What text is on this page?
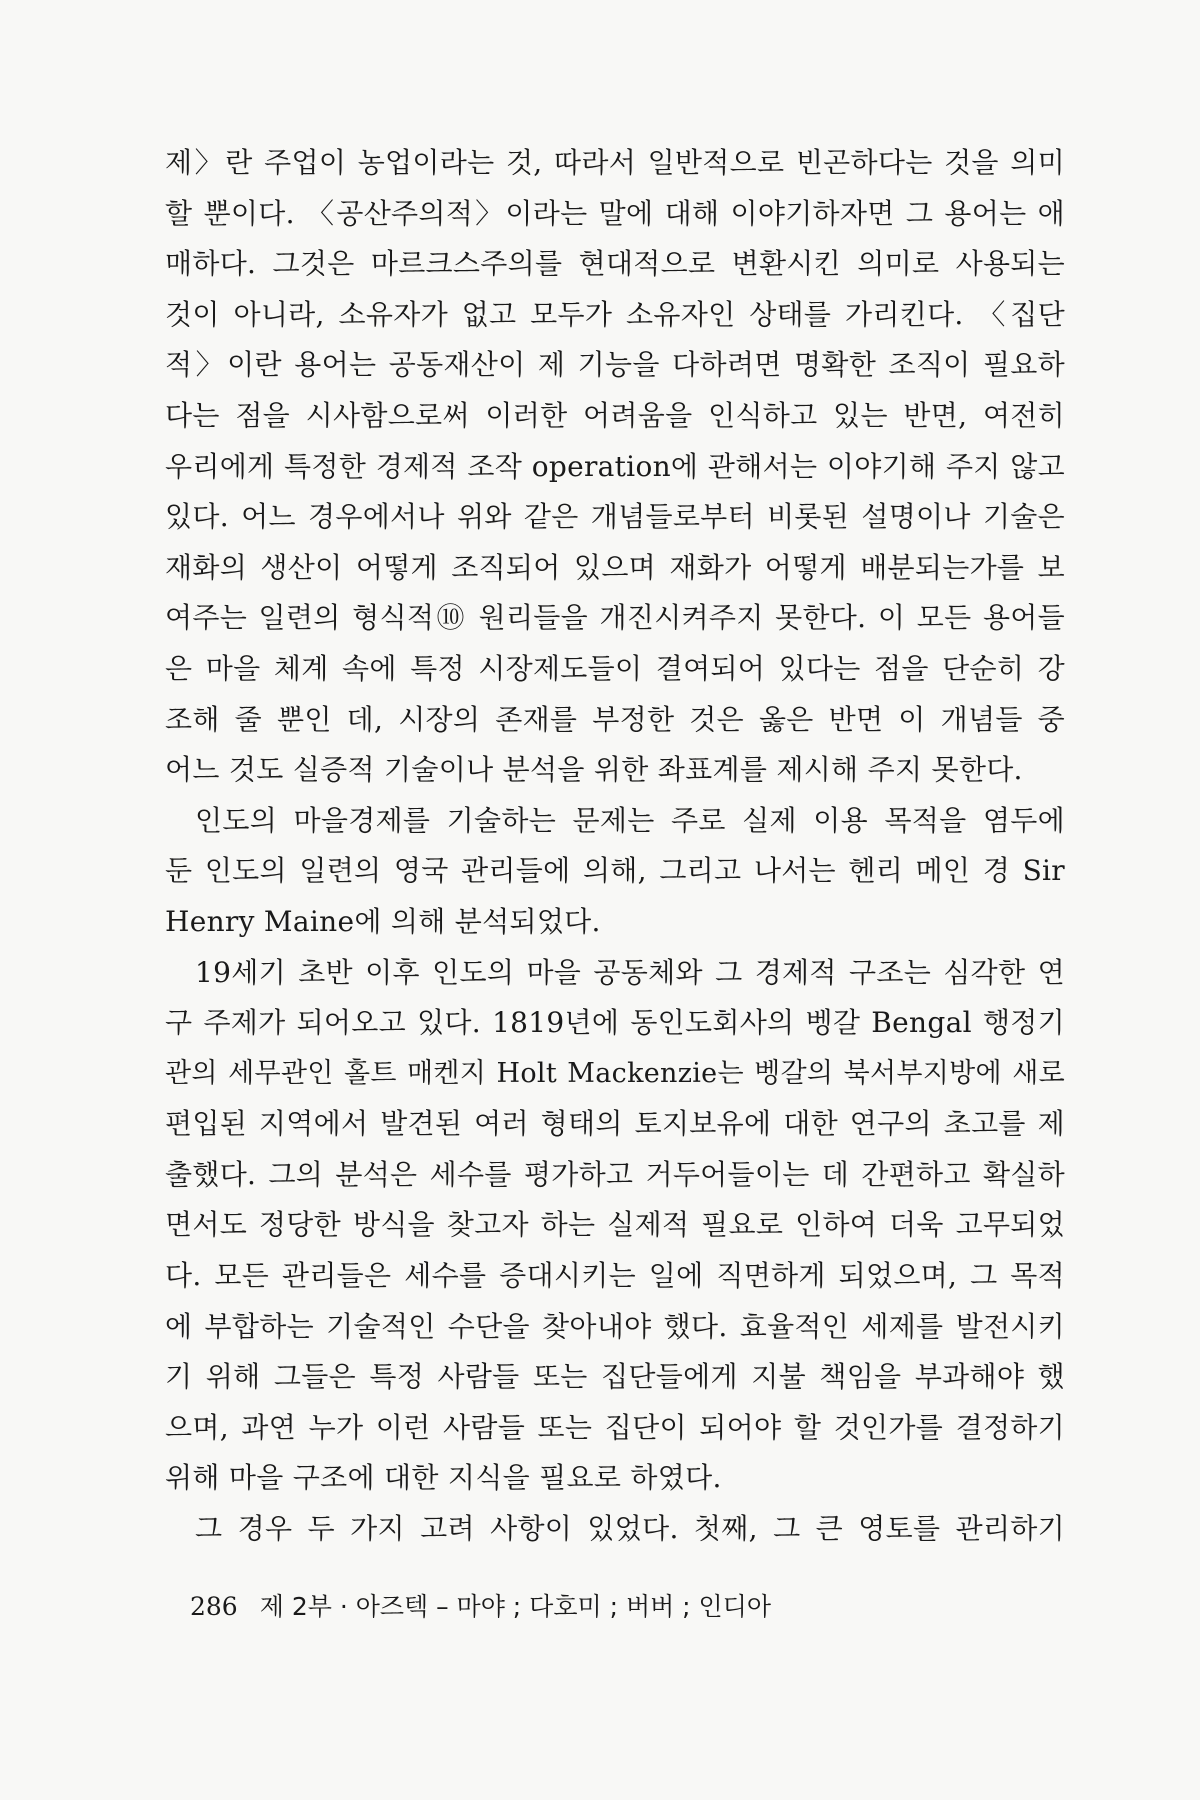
제〉란 주업이 농업이라는 것, 따라서 일반적으로 빈곤하다는 것을 의미
할 뿐이다. 〈공산주의적〉이라는 말에 대해 이야기하자면 그 용어는 애
매하다. 그것은 마르크스주의를 현대적으로 변환시킨 의미로 사용되는
것이 아니라, 소유자가 없고 모두가 소유자인 상태를 가리킨다. 〈집단
적〉이란 용어는 공동재산이 제 기능을 다하려면 명확한 조직이 필요하
다는 점을 시사함으로써 이러한 어려움을 인식하고 있는 반면, 여전히
우리에게 특정한 경제적 조작 operation에 관해서는 이야기해 주지 않고
있다. 어느 경우에서나 위와 같은 개념들로부터 비롯된 설명이나 기술은
재화의 생산이 어떻게 조직되어 있으며 재화가 어떻게 배분되는가를 보
여주는 일련의 형식적⑩ 원리들을 개진시켜주지 못한다. 이 모든 용어들
은 마을 체계 속에 특정 시장제도들이 결여되어 있다는 점을 단순히 강
조해 줄 뿐인 데, 시장의 존재를 부정한 것은 옳은 반면 이 개념들 중
어느 것도 실증적 기술이나 분석을 위한 좌표계를 제시해 주지 못한다.
인도의 마을경제를 기술하는 문제는 주로 실제 이용 목적을 염두에
둔 인도의 일련의 영국 관리들에 의해, 그리고 나서는 헨리 메인 경 Sir
Henry Maine에 의해 분석되었다.
19세기 초반 이후 인도의 마을 공동체와 그 경제적 구조는 심각한 연
구 주제가 되어오고 있다. 1819년에 동인도회사의 벵갈 Bengal 행정기
관의 세무관인 홀트 매켄지 Holt Mackenzie는 벵갈의 북서부지방에 새로
편입된 지역에서 발견된 여러 형태의 토지보유에 대한 연구의 초고를 제
출했다. 그의 분석은 세수를 평가하고 거두어들이는 데 간편하고 확실하
면서도 정당한 방식을 찾고자 하는 실제적 필요로 인하여 더욱 고무되었
다. 모든 관리들은 세수를 증대시키는 일에 직면하게 되었으며, 그 목적
에 부합하는 기술적인 수단을 찾아내야 했다. 효율적인 세제를 발전시키
기 위해 그들은 특정 사람들 또는 집단들에게 지불 책임을 부과해야 했
으며, 과연 누가 이런 사람들 또는 집단이 되어야 할 것인가를 결정하기
위해 마을 구조에 대한 지식을 필요로 하였다.
그 경우 두 가지 고려 사항이 있었다. 첫째, 그 큰 영토를 관리하기
286 제 2부 · 아즈텍 – 마야 ; 다호미 ; 버버 ; 인디아
